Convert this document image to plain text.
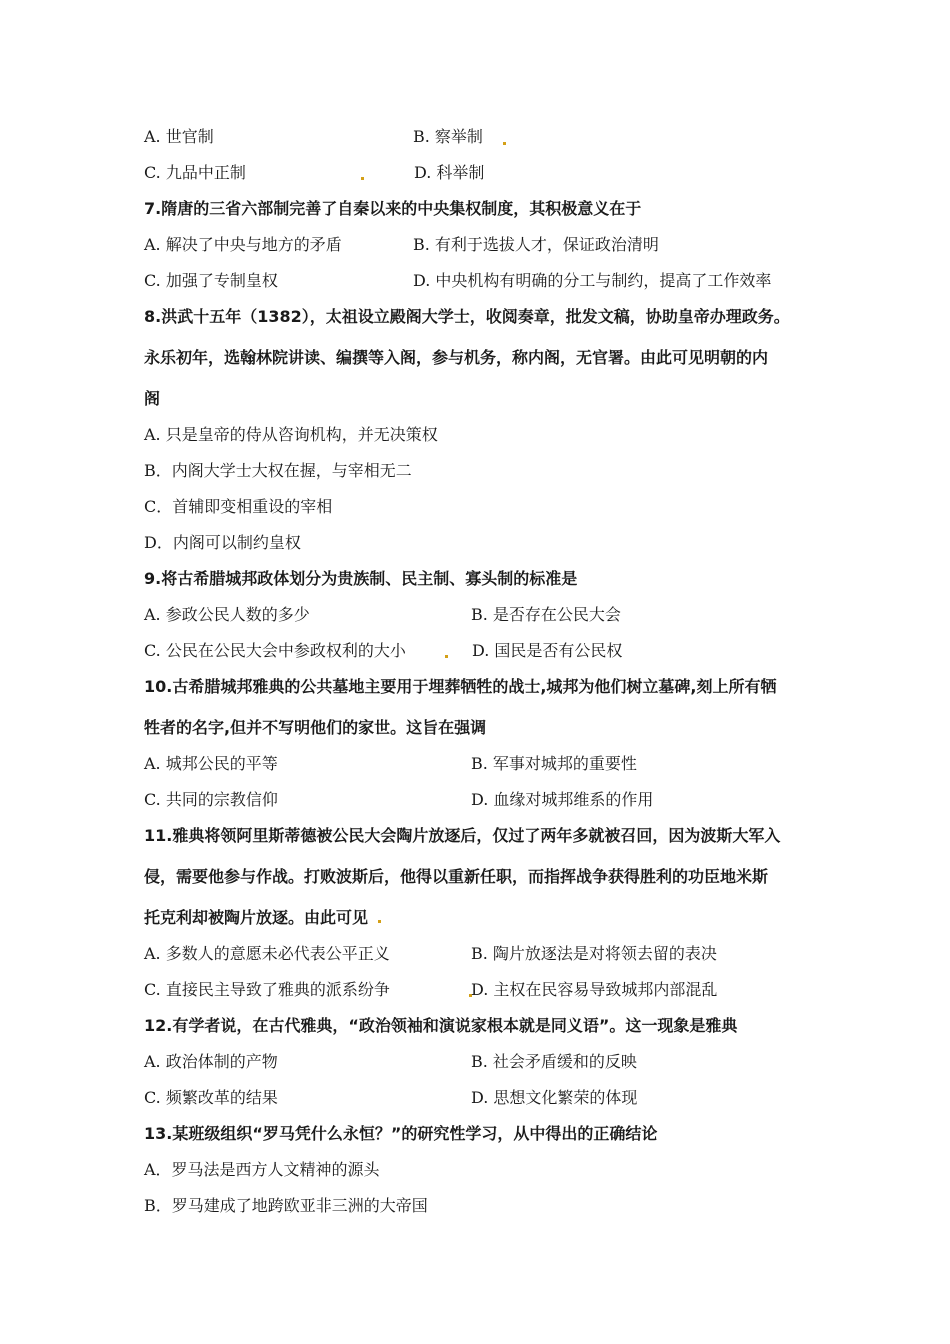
A. 世官制	B. 察举制
C. 九品中正制	D. 科举制
7.隋唐的三省六部制完善了自秦以来的中央集权制度，其积极意义在于
A. 解决了中央与地方的矛盾	B. 有利于选拔人才，保证政治清明
C. 加强了专制皇权	D. 中央机构有明确的分工与制约，提高了工作效率
8.洪武十五年（1382），太祖设立殿阁大学士，收阅奏章，批发文稿，协助皇帝办理政务。
永乐初年，选翰林院讲读、编撰等入阁，参与机务，称内阁，无官署。由此可见明朝的内
阁
A. 只是皇帝的侍从咨询机构，并无决策权
B．内阁大学士大权在握，与宰相无二
C．首辅即变相重设的宰相
D．内阁可以制约皇权
9.将古希腊城邦政体划分为贵族制、民主制、寡头制的标准是
A. 参政公民人数的多少	B. 是否存在公民大会
C. 公民在公民大会中参政权利的大小	D. 国民是否有公民权
10.古希腊城邦雅典的公共墓地主要用于埋葬牺牲的战士,城邦为他们树立墓碑,刻上所有牺
牲者的名字,但并不写明他们的家世。这旨在强调
A. 城邦公民的平等	B. 军事对城邦的重要性
C. 共同的宗教信仰	D. 血缘对城邦维系的作用
11.雅典将领阿里斯蒂德被公民大会陶片放逐后，仅过了两年多就被召回，因为波斯大军入
侵，需要他参与作战。打败波斯后，他得以重新任职，而指挥战争获得胜利的功臣地米斯
托克利却被陶片放逐。由此可见
A. 多数人的意愿未必代表公平正义	B. 陶片放逐法是对将领去留的表决
C. 直接民主导致了雅典的派系纷争	D. 主权在民容易导致城邦内部混乱
12.有学者说，在古代雅典，“政治领袖和演说家根本就是同义语”。这一现象是雅典
A. 政治体制的产物	B. 社会矛盾缓和的反映
C. 频繁改革的结果	D. 思想文化繁荣的体现
13.某班级组织“罗马凭什么永恒？”的研究性学习，从中得出的正确结论
A．罗马法是西方人文精神的源头
B．罗马建成了地跨欧亚非三洲的大帝国
